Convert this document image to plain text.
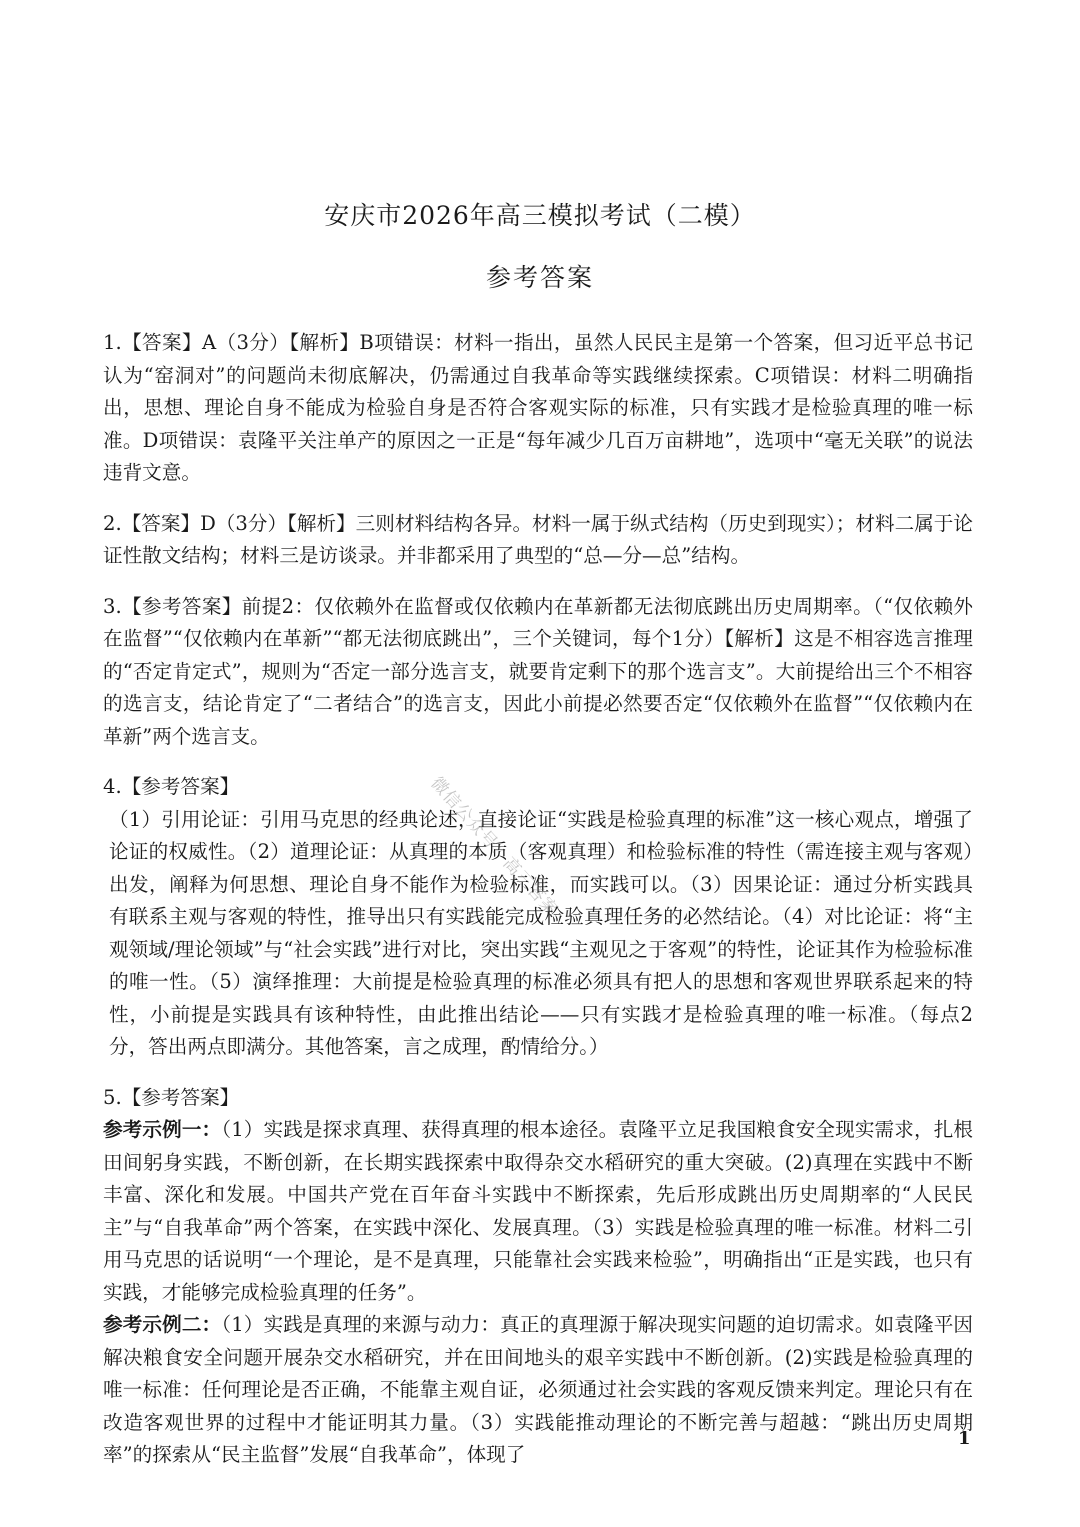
安庆市2026年高三模拟考试（二模）
参考答案

1.【答案】A（3分）【解析】B项错误：材料一指出，虽然人民民主是第一个答案，但习近平总书记认为“窑洞对”的问题尚未彻底解决，仍需通过自我革命等实践继续探索。C项错误：材料二明确指出，思想、理论自身不能成为检验自身是否符合客观实际的标准，只有实践才是检验真理的唯一标准。D项错误：袁隆平关注单产的原因之一正是“每年减少几百万亩耕地”，选项中“毫无关联”的说法违背文意。

2.【答案】D（3分）【解析】三则材料结构各异。材料一属于纵式结构（历史到现实）；材料二属于论证性散文结构；材料三是访谈录。并非都采用了典型的“总—分—总”结构。

3.【参考答案】前提2：仅依赖外在监督或仅依赖内在革新都无法彻底跳出历史周期率。（“仅依赖外在监督”“仅依赖内在革新”“都无法彻底跳出”，三个关键词，每个1分）【解析】这是不相容选言推理的“否定肯定式”，规则为“否定一部分选言支，就要肯定剩下的那个选言支”。大前提给出三个不相容的选言支，结论肯定了“二者结合”的选言支，因此小前提必然要否定“仅依赖外在监督”“仅依赖内在革新”两个选言支。

4.【参考答案】

（1）引用论证：引用马克思的经典论述，直接论证“实践是检验真理的标准”这一核心观点，增强了论证的权威性。（2）道理论证：从真理的本质（客观真理）和检验标准的特性（需连接主观与客观）出发，阐释为何思想、理论自身不能作为检验标准，而实践可以。（3）因果论证：通过分析实践具有联系主观与客观的特性，推导出只有实践能完成检验真理任务的必然结论。（4）对比论证：将“主观领域/理论领域”与“社会实践”进行对比，突出实践“主观见之于客观”的特性，论证其作为检验标准的唯一性。（5）演绎推理：大前提是检验真理的标准必须具有把人的思想和客观世界联系起来的特性，小前提是实践具有该种特性，由此推出结论——只有实践才是检验真理的唯一标准。（每点2分，答出两点即满分。其他答案，言之成理，酌情给分。）

5.【参考答案】

参考示例一：（1）实践是探求真理、获得真理的根本途径。袁隆平立足我国粮食安全现实需求，扎根田间躬身实践，不断创新，在长期实践探索中取得杂交水稻研究的重大突破。(2)真理在实践中不断丰富、深化和发展。中国共产党在百年奋斗实践中不断探索，先后形成跳出历史周期率的“人民民主”与“自我革命”两个答案，在实践中深化、发展真理。（3）实践是检验真理的唯一标准。材料二引用马克思的话说明“一个理论，是不是真理，只能靠社会实践来检验”，明确指出“正是实践，也只有实践，才能够完成检验真理的任务”。

参考示例二：（1）实践是真理的来源与动力：真正的真理源于解决现实问题的迫切需求。如袁隆平因解决粮食安全问题开展杂交水稻研究，并在田间地头的艰辛实践中不断创新。(2)实践是检验真理的唯一标准：任何理论是否正确，不能靠主观自证，必须通过社会实践的客观反馈来判定。理论只有在改造客观世界的过程中才能证明其力量。（3）实践能推动理论的不断完善与超越：“跳出历史周期率”的探索从“民主监督”发展“自我革命”，体现了

微信公众号：高三答案
1
